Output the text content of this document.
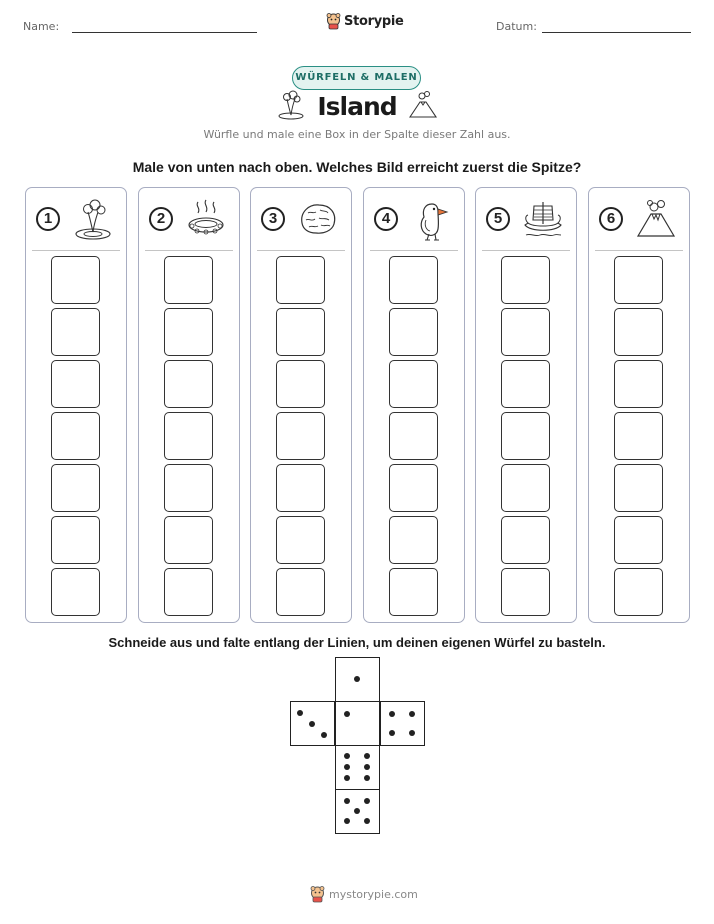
Name:	Storypie	Datum:
WÜRFELN & MALEN
Island
Würfle und male eine Box in der Spalte dieser Zahl aus.
Male von unten nach oben. Welches Bild erreicht zuerst die Spitze?
1	2	3	4	5	6
Schneide aus und falte entlang der Linien, um deinen eigenen Würfel zu basteln.
mystorypie.com
